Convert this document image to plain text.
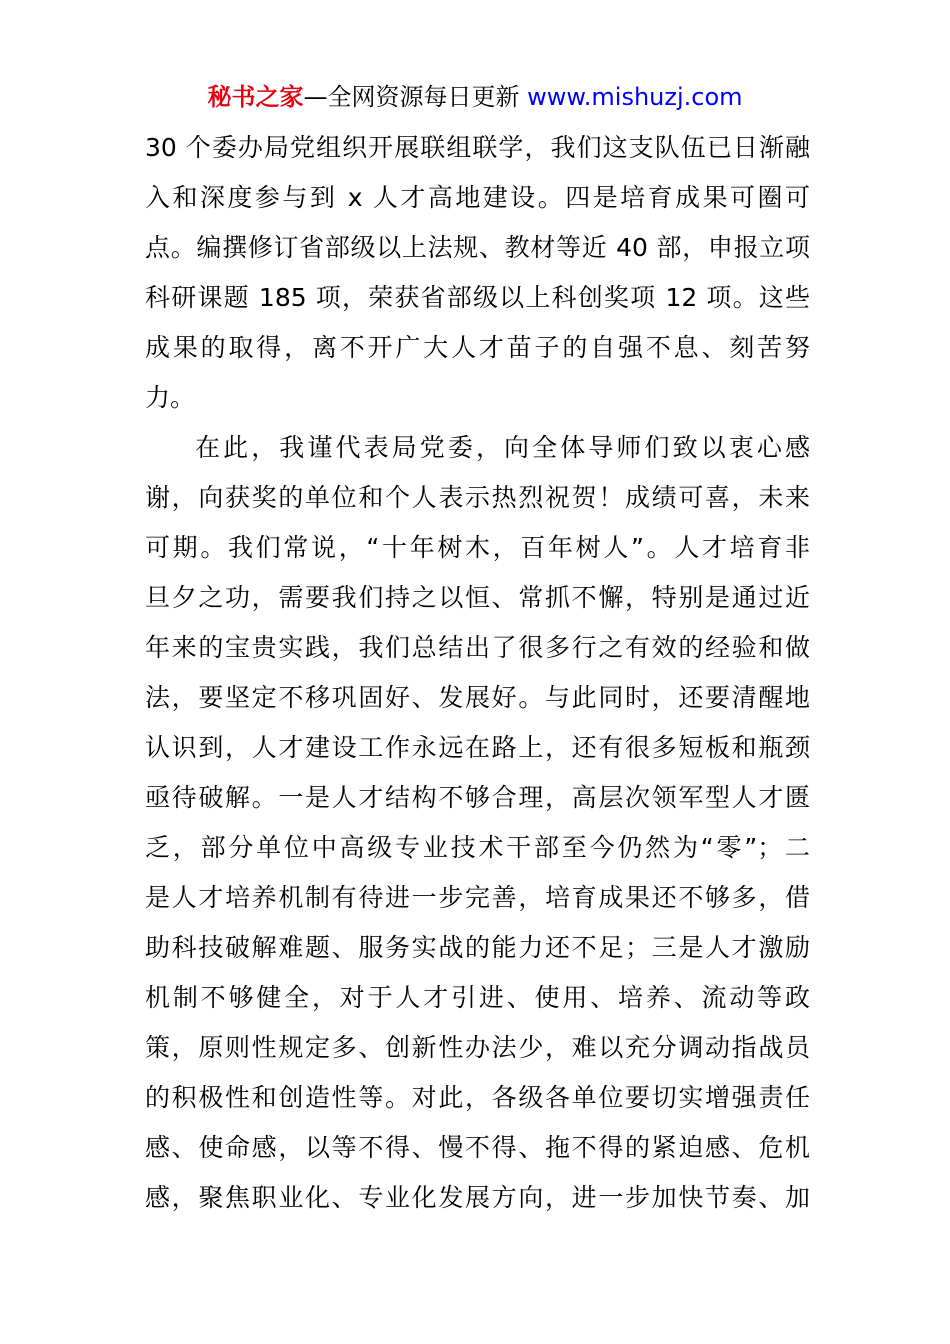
秘书之家—全网资源每日更新 www.mishuzj.com
30 个委办局党组织开展联组联学，我们这支队伍已日渐融
入和深度参与到 x 人才高地建设。四是培育成果可圈可
点。编撰修订省部级以上法规、教材等近 40 部，申报立项
科研课题 185 项，荣获省部级以上科创奖项 12 项。这些
成果的取得，离不开广大人才苗子的自强不息、刻苦努
力。
在此，我谨代表局党委，向全体导师们致以衷心感
谢，向获奖的单位和个人表示热烈祝贺！成绩可喜，未来
可期。我们常说，“十年树木，百年树人”。人才培育非
旦夕之功，需要我们持之以恒、常抓不懈，特别是通过近
年来的宝贵实践，我们总结出了很多行之有效的经验和做
法，要坚定不移巩固好、发展好。与此同时，还要清醒地
认识到，人才建设工作永远在路上，还有很多短板和瓶颈
亟待破解。一是人才结构不够合理，高层次领军型人才匮
乏，部分单位中高级专业技术干部至今仍然为“零”；二
是人才培养机制有待进一步完善，培育成果还不够多，借
助科技破解难题、服务实战的能力还不足；三是人才激励
机制不够健全，对于人才引进、使用、培养、流动等政
策，原则性规定多、创新性办法少，难以充分调动指战员
的积极性和创造性等。对此，各级各单位要切实增强责任
感、使命感，以等不得、慢不得、拖不得的紧迫感、危机
感，聚焦职业化、专业化发展方向，进一步加快节奏、加
